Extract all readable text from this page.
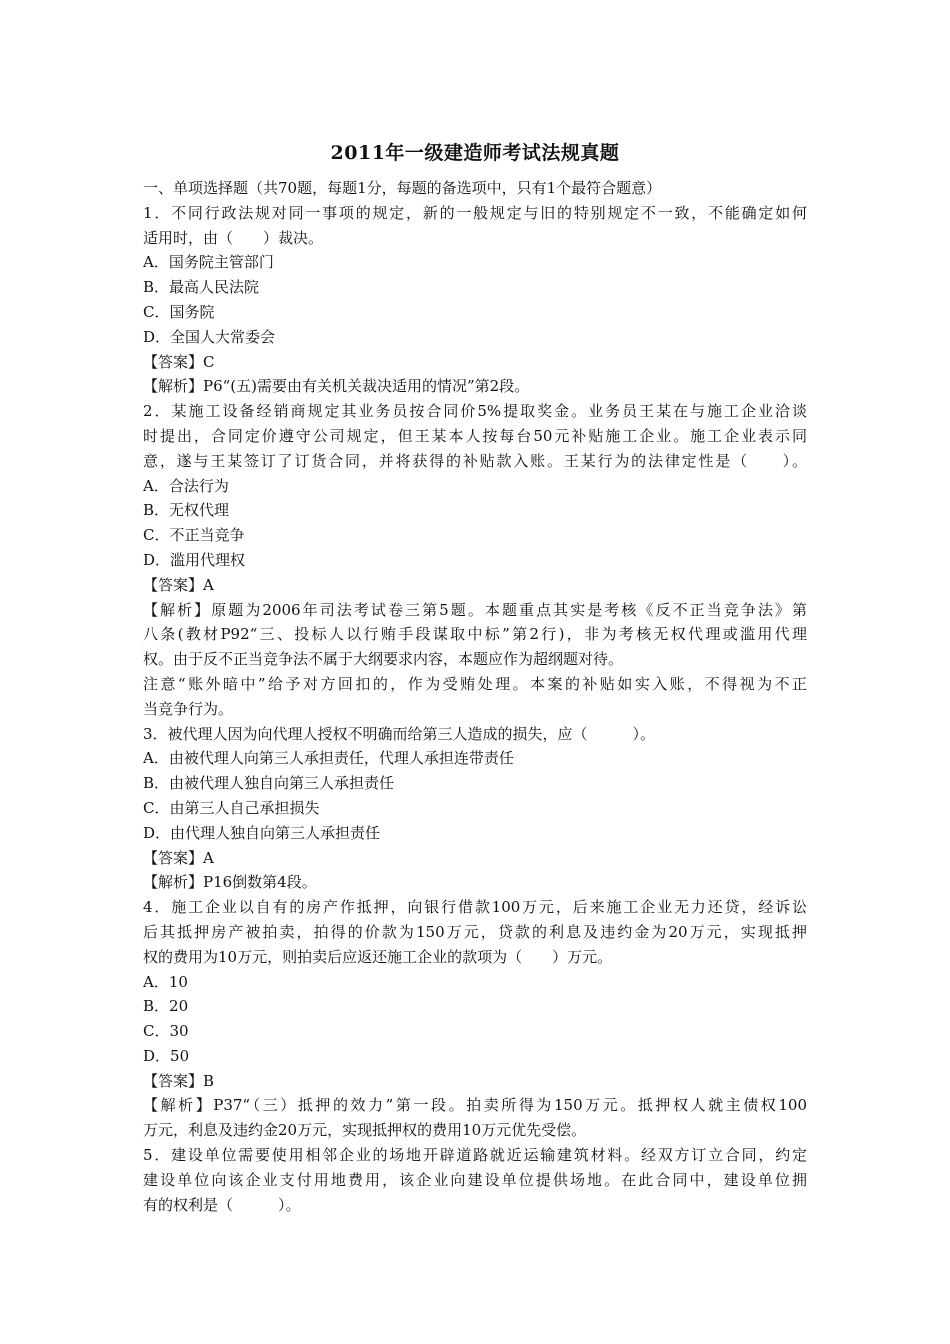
2011年一级建造师考试法规真题
一、单项选择题（共70题，每题1分，每题的备选项中，只有1个最符合题意）
1．不同行政法规对同一事项的规定，新的一般规定与旧的特别规定不一致，不能确定如何
适用时，由（　　）裁决。
A．国务院主管部门
B．最高人民法院
C．国务院
D．全国人大常委会
【答案】C
【解析】P6“(五)需要由有关机关裁决适用的情况”第2段。
2．某施工设备经销商规定其业务员按合同价5%提取奖金。业务员王某在与施工企业洽谈
时提出，合同定价遵守公司规定，但王某本人按每台50元补贴施工企业。施工企业表示同
意，遂与王某签订了订货合同，并将获得的补贴款入账。王某行为的法律定性是（　　）。
A．合法行为
B．无权代理
C．不正当竞争
D．滥用代理权
【答案】A
【解析】原题为2006年司法考试卷三第5题。本题重点其实是考核《反不正当竞争法》第
八条(教材P92“三、投标人以行贿手段谋取中标”第2行)，非为考核无权代理或滥用代理
权。由于反不正当竞争法不属于大纲要求内容，本题应作为超纲题对待。
注意“账外暗中”给予对方回扣的，作为受贿处理。本案的补贴如实入账，不得视为不正
当竞争行为。
3．被代理人因为向代理人授权不明确而给第三人造成的损失，应（　　　）。
A．由被代理人向第三人承担责任，代理人承担连带责任
B．由被代理人独自向第三人承担责任
C．由第三人自己承担损失
D．由代理人独自向第三人承担责任
【答案】A
【解析】P16倒数第4段。
4．施工企业以自有的房产作抵押，向银行借款100万元，后来施工企业无力还贷，经诉讼
后其抵押房产被拍卖，拍得的价款为150万元，贷款的利息及违约金为20万元，实现抵押
权的费用为10万元，则拍卖后应返还施工企业的款项为（　　）万元。
A．10
B．20
C．30
D．50
【答案】B
【解析】P37“（三）抵押的效力”第一段。拍卖所得为150万元。抵押权人就主债权100
万元，利息及违约金20万元，实现抵押权的费用10万元优先受偿。
5．建设单位需要使用相邻企业的场地开辟道路就近运输建筑材料。经双方订立合同，约定
建设单位向该企业支付用地费用，该企业向建设单位提供场地。在此合同中，建设单位拥
有的权利是（　　　）。
